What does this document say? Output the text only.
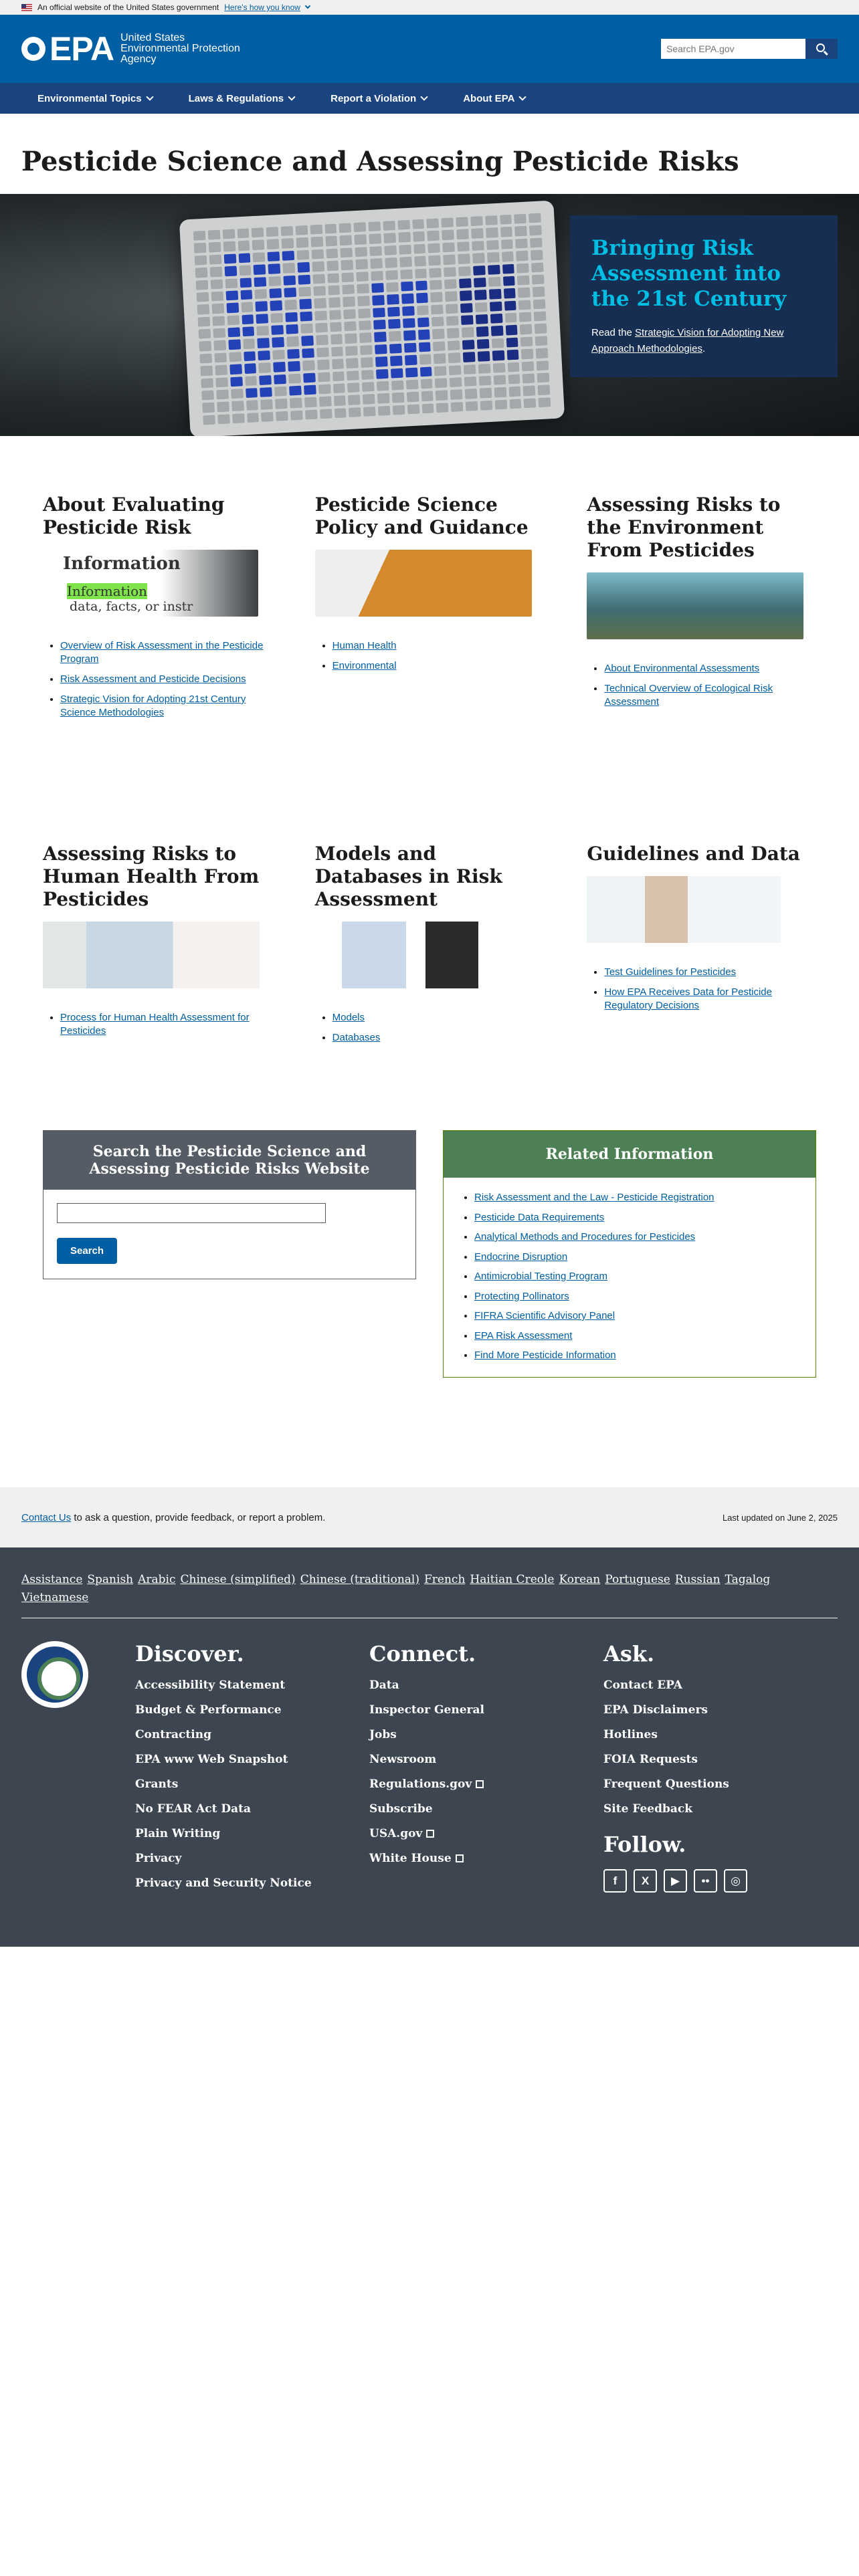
An official website of the United States government Here's how you know
EPA United States
Environmental Protection
Agency
Search EPA.gov
Environmental Topics	Laws & Regulations	Report a Violation	About EPA
Pesticide Science and Assessing Pesticide Risks
Bringing Risk Assessment into the 21st Century

Read the Strategic Vision for Adopting New Approach Methodologies.

About Evaluating Pesticide Risk
Information
Information
data, facts, or instr
• Overview of Risk Assessment in the Pesticide Program
• Risk Assessment and Pesticide Decisions
• Strategic Vision for Adopting 21st Century Science Methodologies
Pesticide Science Policy and Guidance
• Human Health
• Environmental
Assessing Risks to the Environment From Pesticides
• About Environmental Assessments
• Technical Overview of Ecological Risk Assessment
Assessing Risks to Human Health From Pesticides
• Process for Human Health Assessment for Pesticides
Models and Databases in Risk Assessment
• Models
• Databases
Guidelines and Data
• Test Guidelines for Pesticides
• How EPA Receives Data for Pesticide Regulatory Decisions
Search the Pesticide Science and Assessing Pesticide Risks Website
Search
Related Information
• Risk Assessment and the Law - Pesticide Registration
• Pesticide Data Requirements
• Analytical Methods and Procedures for Pesticides
• Endocrine Disruption
• Antimicrobial Testing Program
• Protecting Pollinators
• FIFRA Scientific Advisory Panel
• EPA Risk Assessment
• Find More Pesticide Information
Contact Us to ask a question, provide feedback, or report a problem.	Last updated on June 2, 2025
Assistance Spanish Arabic Chinese (simplified) Chinese (traditional) French Haitian Creole Korean Portuguese Russian Tagalog
Vietnamese
Discover.
Accessibility Statement
Budget & Performance
Contracting
EPA www Web Snapshot
Grants
No FEAR Act Data
Plain Writing
Privacy
Privacy and Security Notice
Connect.
Data
Inspector General
Jobs
Newsroom
Regulations.gov
Subscribe
USA.gov
White House
Ask.
Contact EPA
EPA Disclaimers
Hotlines
FOIA Requests
Frequent Questions
Site Feedback
Follow.
f	X	▶	••	◎
